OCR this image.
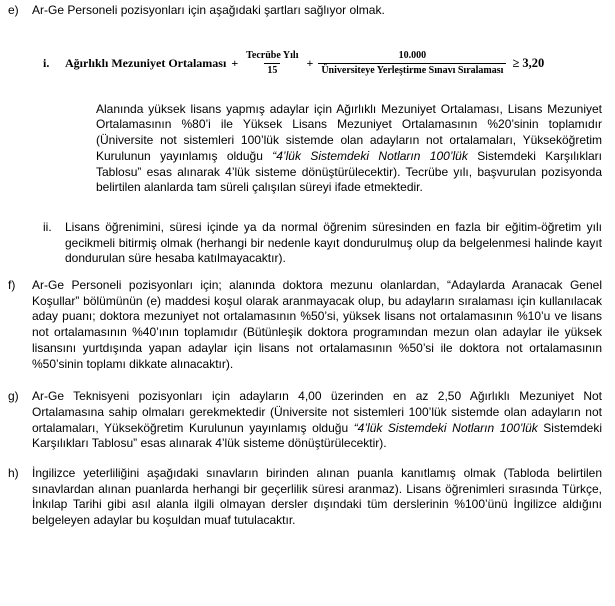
e)	Ar-Ge Personeli pozisyonları için aşağıdaki şartları sağlıyor olmak.

i.	Ağırlıklı Mezuniyet Ortalaması + $\frac{\text{Tecrübe Yılı}}{15} + \frac{10.000}{\text{Üniversiteye Yerleştirme Sınavı Sıralaması}} \ge 3,20$

Alanında yüksek lisans yapmış adaylar için Ağırlıklı Mezuniyet Ortalaması, Lisans Mezuniyet Ortalamasının %80’i ile Yüksek Lisans Mezuniyet Ortalamasının %20’sinin toplamıdır (Üniversite not sistemleri 100’lük sistemde olan adayların not ortalamaları, Yükseköğretim Kurulunun yayınlamış olduğu “4’lük Sistemdeki Notların 100’lük Sistemdeki Karşılıkları Tablosu” esas alınarak 4’lük sisteme dönüştürülecektir). Tecrübe yılı, başvurulan pozisyonda belirtilen alanlarda tam süreli çalışılan süreyi ifade etmektedir.

ii.	Lisans öğrenimini, süresi içinde ya da normal öğrenim süresinden en fazla bir eğitim-öğretim yılı gecikmeli bitirmiş olmak (herhangi bir nedenle kayıt dondurulmuş olup da belgelenmesi halinde kayıt dondurulan süre hesaba katılmayacaktır).

f)	Ar-Ge Personeli pozisyonları için; alanında doktora mezunu olanlardan, “Adaylarda Aranacak Genel Koşullar” bölümünün (e) maddesi koşul olarak aranmayacak olup, bu adayların sıralaması için kullanılacak aday puanı; doktora mezuniyet not ortalamasının %50’si, yüksek lisans not ortalamasının %10’u ve lisans not ortalamasının %40’ının toplamıdır (Bütünleşik doktora programından mezun olan adaylar ile yüksek lisansını yurtdışında yapan adaylar için lisans not ortalamasının %50’si ile doktora not ortalamasının %50’sinin toplamı dikkate alınacaktır).

g)	Ar-Ge Teknisyeni pozisyonları için adayların 4,00 üzerinden en az 2,50 Ağırlıklı Mezuniyet Not Ortalamasına sahip olmaları gerekmektedir (Üniversite not sistemleri 100’lük sistemde olan adayların not ortalamaları, Yükseköğretim Kurulunun yayınlamış olduğu “4’lük Sistemdeki Notların 100’lük Sistemdeki Karşılıkları Tablosu” esas alınarak 4’lük sisteme dönüştürülecektir).

h)	İngilizce yeterliliğini aşağıdaki sınavların birinden alınan puanla kanıtlamış olmak (Tabloda belirtilen sınavlardan alınan puanlarda herhangi bir geçerlilik süresi aranmaz). Lisans öğrenimleri sırasında Türkçe, İnkılap Tarihi gibi asıl alanla ilgili olmayan dersler dışındaki tüm derslerinin %100’ünü İngilizce aldığını belgeleyen adaylar bu koşuldan muaf tutulacaktır.
